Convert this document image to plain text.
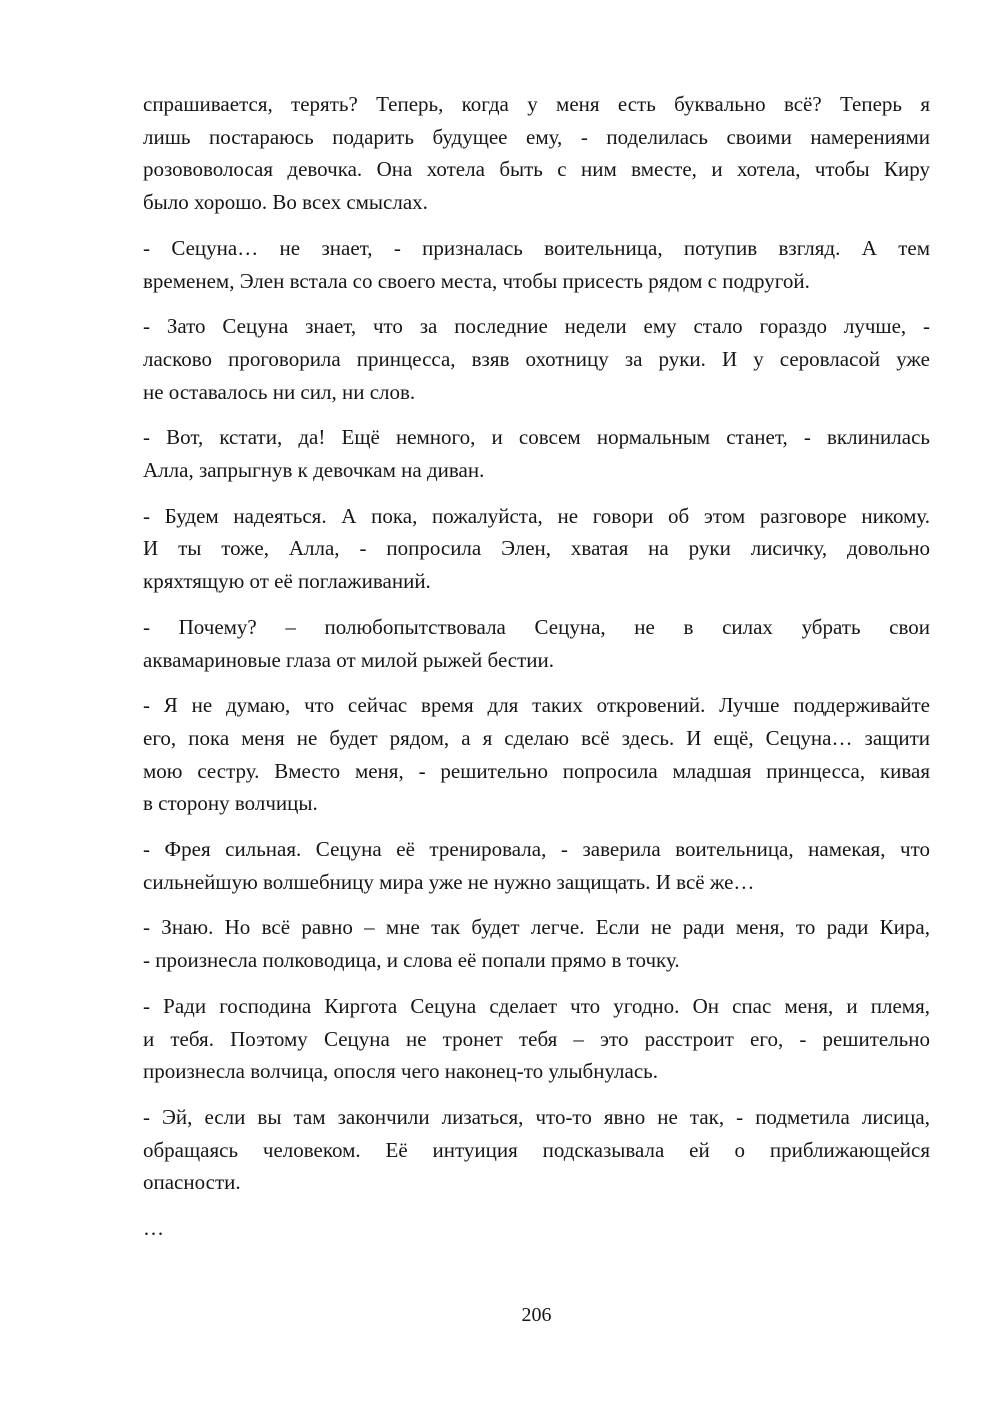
спрашивается, терять? Теперь, когда у меня есть буквально всё? Теперь я
лишь постараюсь подарить будущее ему, - поделилась своими намерениями
розововолосая девочка. Она хотела быть с ним вместе, и хотела, чтобы Киру
было хорошо. Во всех смыслах.
- Сецуна… не знает, - призналась воительница, потупив взгляд. А тем
временем, Элен встала со своего места, чтобы присесть рядом с подругой.
- Зато Сецуна знает, что за последние недели ему стало гораздо лучше, -
ласково проговорила принцесса, взяв охотницу за руки. И у серовласой уже
не оставалось ни сил, ни слов.
- Вот, кстати, да! Ещё немного, и совсем нормальным станет, - вклинилась
Алла, запрыгнув к девочкам на диван.
- Будем надеяться. А пока, пожалуйста, не говори об этом разговоре никому.
И ты тоже, Алла, - попросила Элен, хватая на руки лисичку, довольно
кряхтящую от её поглаживаний.
- Почему? – полюбопытствовала Сецуна, не в силах убрать свои
аквамариновые глаза от милой рыжей бестии.
- Я не думаю, что сейчас время для таких откровений. Лучше поддерживайте
его, пока меня не будет рядом, а я сделаю всё здесь. И ещё, Сецуна… защити
мою сестру. Вместо меня, - решительно попросила младшая принцесса, кивая
в сторону волчицы.
- Фрея сильная. Сецуна её тренировала, - заверила воительница, намекая, что
сильнейшую волшебницу мира уже не нужно защищать. И всё же…
- Знаю. Но всё равно – мне так будет легче. Если не ради меня, то ради Кира,
- произнесла полководица, и слова её попали прямо в точку.
- Ради господина Киргота Сецуна сделает что угодно. Он спас меня, и племя,
и тебя. Поэтому Сецуна не тронет тебя – это расстроит его, - решительно
произнесла волчица, опосля чего наконец-то улыбнулась.
- Эй, если вы там закончили лизаться, что-то явно не так, - подметила лисица,
обращаясь человеком. Её интуиция подсказывала ей о приближающейся
опасности.
…
206
